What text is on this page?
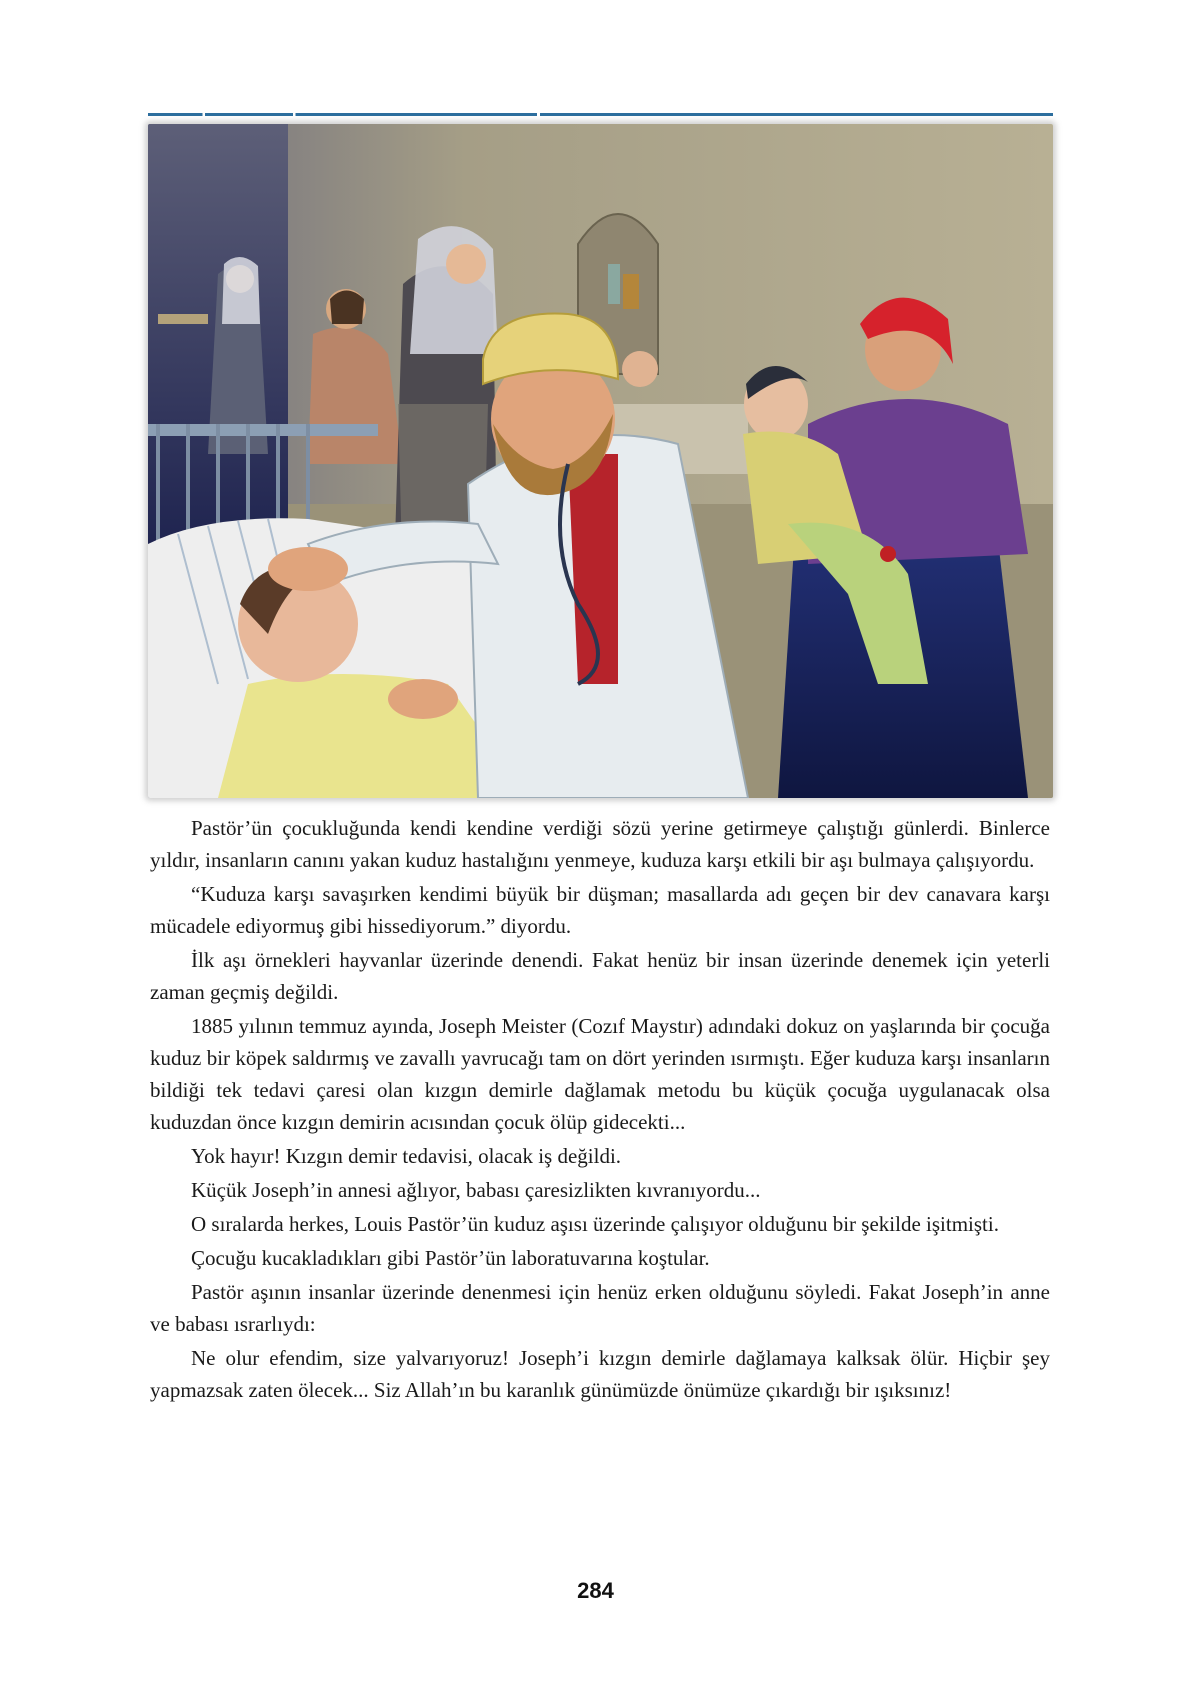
Pastör’ün çocukluğunda kendi kendine verdiği sözü yerine getirmeye çalıştığı günlerdi. Binlerce yıldır, insanların canını yakan kuduz hastalığını yenmeye, kuduza karşı etkili bir aşı bulmaya çalışıyordu.

“Kuduza karşı savaşırken kendimi büyük bir düşman; masallarda adı geçen bir dev canavara karşı mücadele ediyormuş gibi hissediyorum.” diyordu.

İlk aşı örnekleri hayvanlar üzerinde denendi. Fakat henüz bir insan üzerinde denemek için yeterli zaman geçmiş değildi.

1885 yılının temmuz ayında, Joseph Meister (Cozıf Maystır) adındaki dokuz on yaşlarında bir çocuğa kuduz bir köpek saldırmış ve zavallı yavrucağı tam on dört yerinden ısırmıştı. Eğer kuduza karşı insanların bildiği tek tedavi çaresi olan kızgın demirle dağlamak metodu bu küçük çocuğa uygulanacak olsa kuduzdan önce kızgın demirin acısından çocuk ölüp gidecekti...

Yok hayır! Kızgın demir tedavisi, olacak iş değildi.

Küçük Joseph’in annesi ağlıyor, babası çaresizlikten kıvranıyordu...

O sıralarda herkes, Louis Pastör’ün kuduz aşısı üzerinde çalışıyor olduğunu bir şekilde işitmişti.

Çocuğu kucakladıkları gibi Pastör’ün laboratuvarına koştular.

Pastör aşının insanlar üzerinde denenmesi için henüz erken olduğunu söyledi. Fakat Joseph’in anne ve babası ısrarlıydı:

Ne olur efendim, size yalvarıyoruz! Joseph’i kızgın demirle dağlamaya kalksak ölür. Hiçbir şey yapmazsak zaten ölecek... Siz Allah’ın bu karanlık günümüzde önümüze çıkardığı bir ışıksınız!

284
